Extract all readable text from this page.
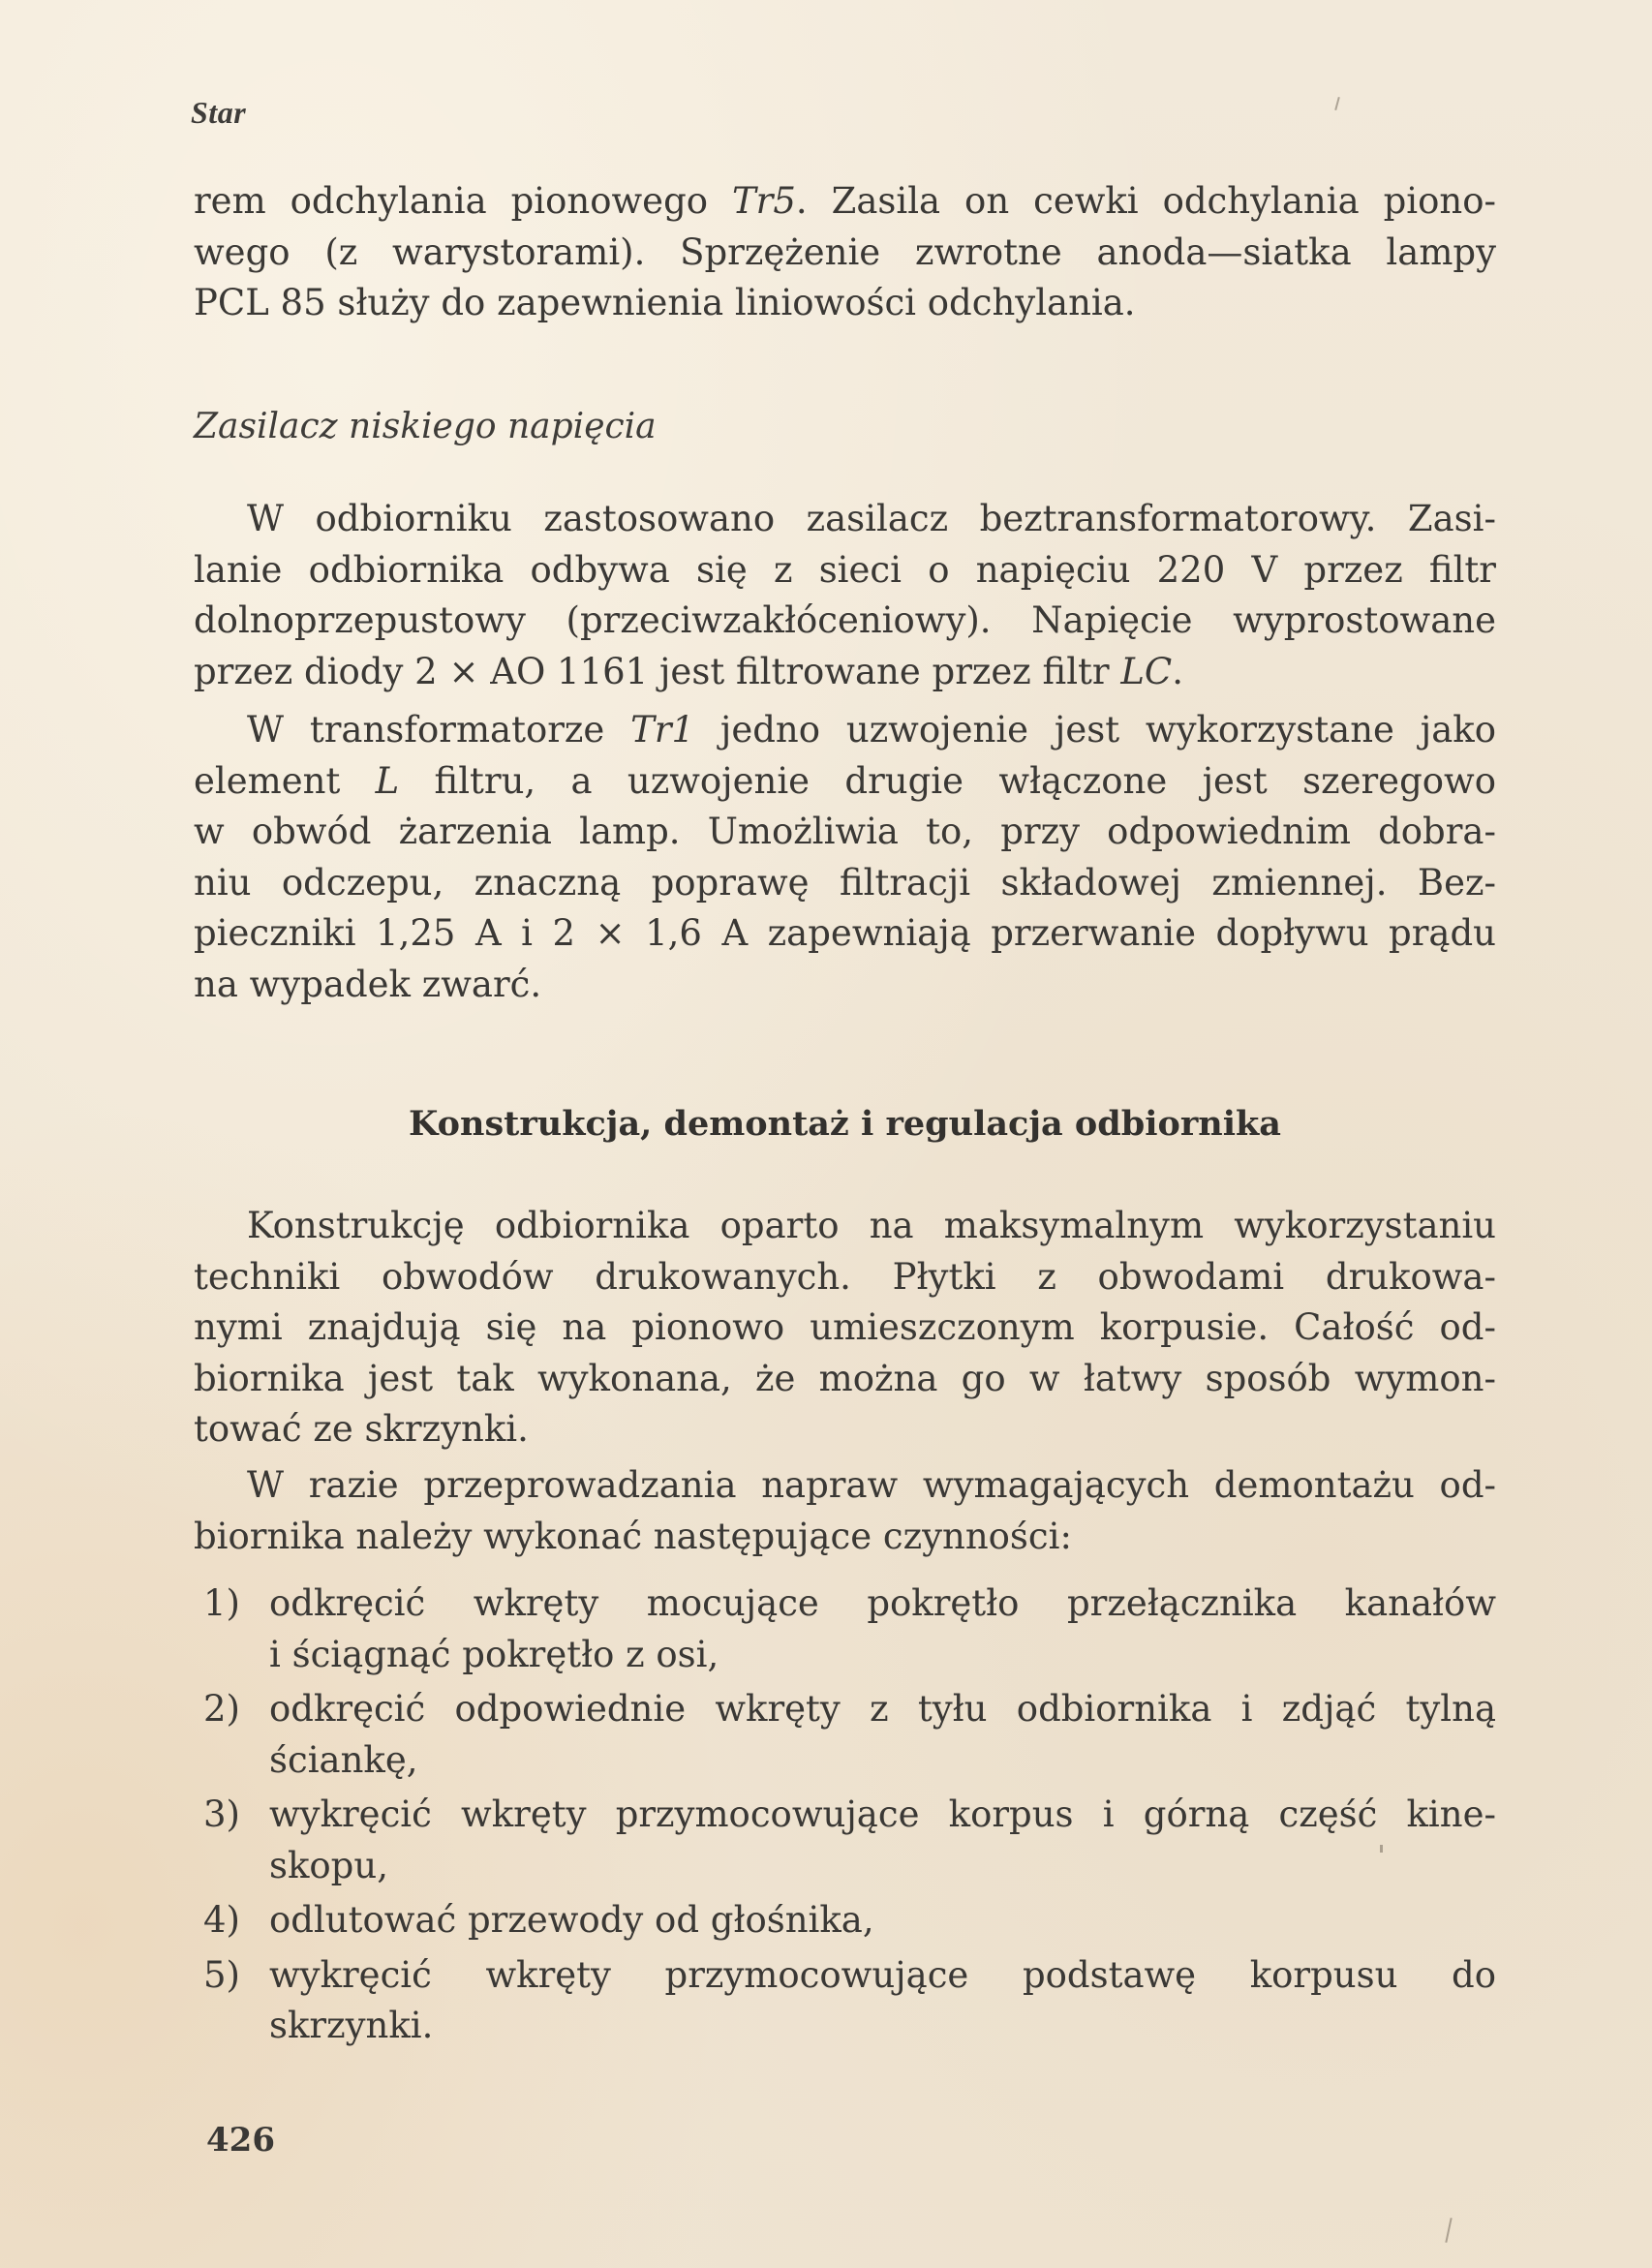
Star
rem odchylania pionowego Tr5. Zasila on cewki odchylania piono-
wego (z warystorami). Sprzężenie zwrotne anoda—siatka lampy
PCL 85 służy do zapewnienia liniowości odchylania.
Zasilacz niskiego napięcia
W odbiorniku zastosowano zasilacz beztransformatorowy. Zasi-
lanie odbiornika odbywa się z sieci o napięciu 220 V przez filtr
dolnoprzepustowy (przeciwzakłóceniowy). Napięcie wyprostowane
przez diody 2 × AO 1161 jest filtrowane przez filtr LC.
W transformatorze Tr1 jedno uzwojenie jest wykorzystane jako
element L filtru, a uzwojenie drugie włączone jest szeregowo
w obwód żarzenia lamp. Umożliwia to, przy odpowiednim dobra-
niu odczepu, znaczną poprawę filtracji składowej zmiennej. Bez-
pieczniki 1,25 A i 2 × 1,6 A zapewniają przerwanie dopływu prądu
na wypadek zwarć.
Konstrukcja, demontaż i regulacja odbiornika
Konstrukcję odbiornika oparto na maksymalnym wykorzystaniu
techniki obwodów drukowanych. Płytki z obwodami drukowa-
nymi znajdują się na pionowo umieszczonym korpusie. Całość od-
biornika jest tak wykonana, że można go w łatwy sposób wymon-
tować ze skrzynki.
W razie przeprowadzania napraw wymagających demontażu od-
biornika należy wykonać następujące czynności:
1) odkręcić wkręty mocujące pokrętło przełącznika kanałów
i ściągnąć pokrętło z osi,
2) odkręcić odpowiednie wkręty z tyłu odbiornika i zdjąć tylną
ściankę,
3) wykręcić wkręty przymocowujące korpus i górną część kine-
skopu,
4) odlutować przewody od głośnika,
5) wykręcić wkręty przymocowujące podstawę korpusu do
skrzynki.
426
